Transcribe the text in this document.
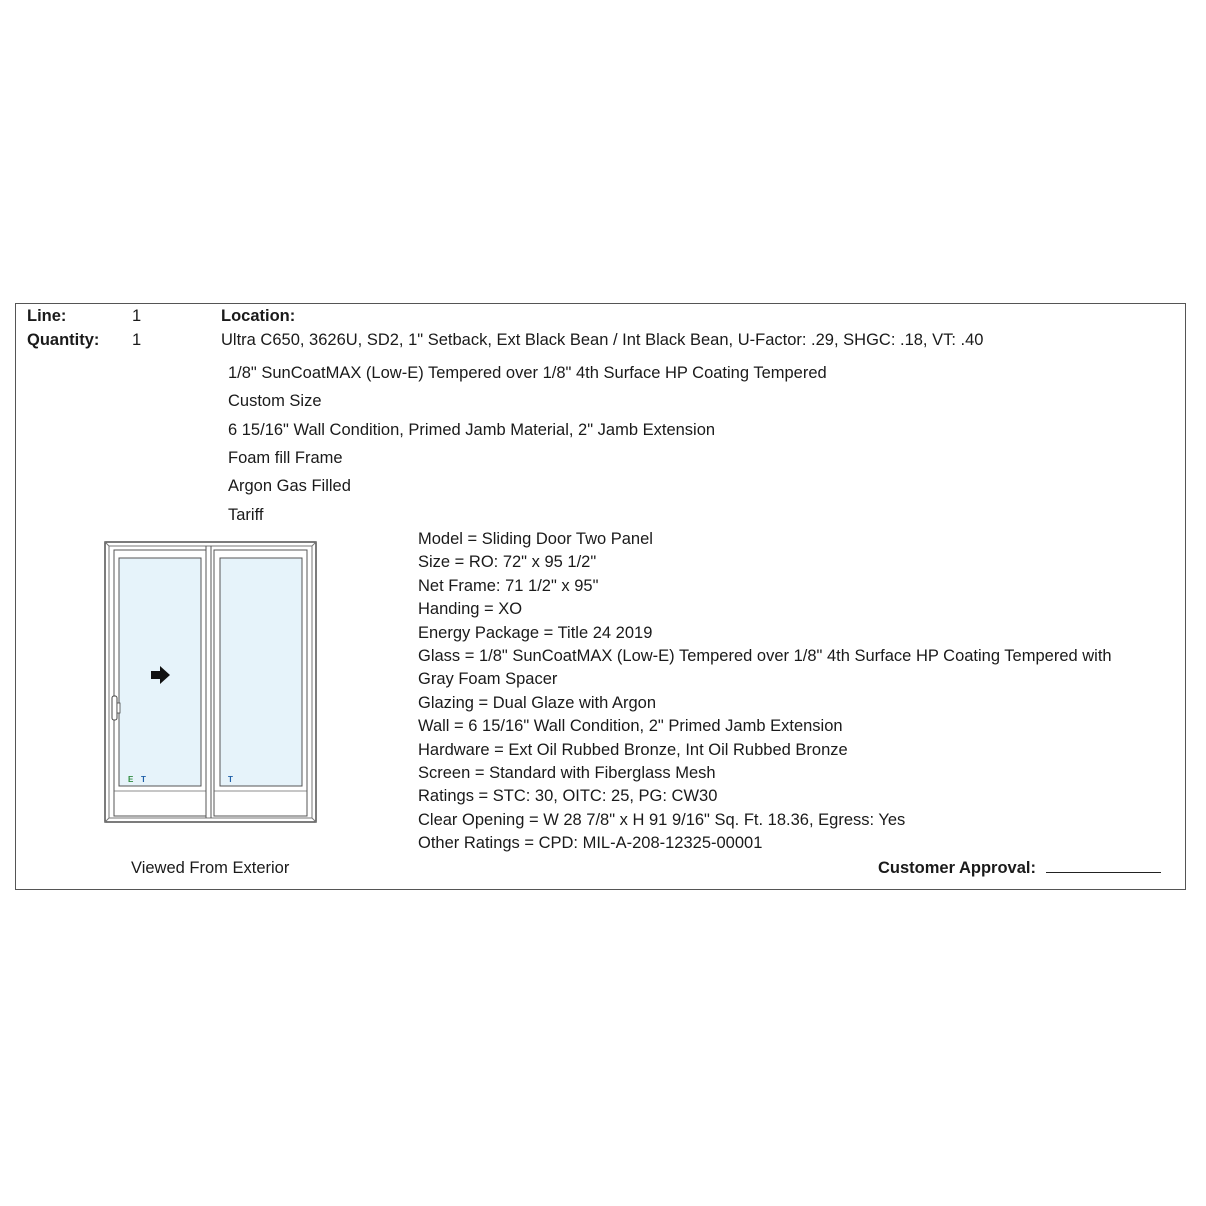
Line:	1	Location:
Quantity: 1	Ultra C650, 3626U, SD2, 1" Setback, Ext Black Bean / Int Black Bean, U-Factor: .29, SHGC: .18, VT: .40
1/8" SunCoatMAX (Low-E) Tempered over 1/8" 4th Surface HP Coating Tempered
Custom Size
6 15/16" Wall Condition, Primed Jamb Material, 2" Jamb Extension
Foam fill Frame
Argon Gas Filled
Tariff
E T	T
Viewed From Exterior
Model = Sliding Door Two Panel
Size = RO: 72" x 95 1/2"
Net Frame: 71 1/2" x 95"
Handing = XO
Energy Package = Title 24 2019
Glass = 1/8" SunCoatMAX (Low-E) Tempered over 1/8" 4th Surface HP Coating Tempered with
Gray Foam Spacer
Glazing = Dual Glaze with Argon
Wall = 6 15/16" Wall Condition, 2" Primed Jamb Extension
Hardware = Ext Oil Rubbed Bronze, Int Oil Rubbed Bronze
Screen = Standard with Fiberglass Mesh
Ratings = STC: 30, OITC: 25, PG: CW30
Clear Opening = W 28 7/8" x H 91 9/16" Sq. Ft. 18.36, Egress: Yes
Other Ratings = CPD: MIL-A-208-12325-00001
Customer Approval:
